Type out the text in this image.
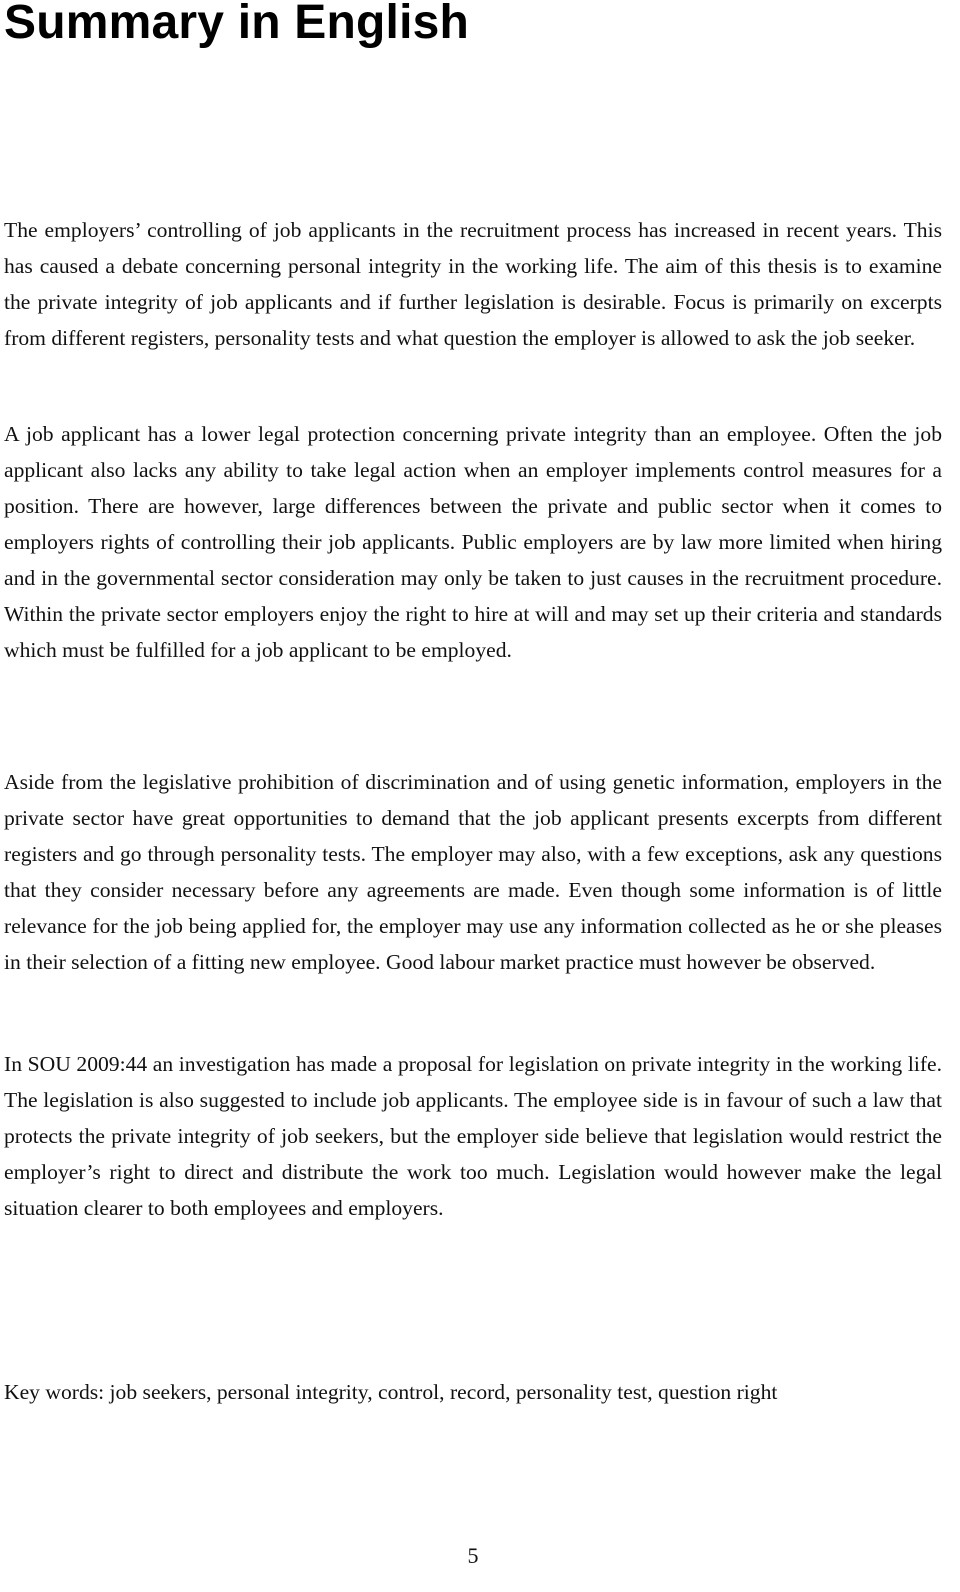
Summary in English

The employers’ controlling of job applicants in the recruitment process has increased in recent years. This has caused a debate concerning personal integrity in the working life. The aim of this thesis is to examine the private integrity of job applicants and if further legislation is desirable. Focus is primarily on excerpts from different registers, personality tests and what question the employer is allowed to ask the job seeker.

A job applicant has a lower legal protection concerning private integrity than an employee. Often the job applicant also lacks any ability to take legal action when an employer implements control measures for a position. There are however, large differences between the private and public sector when it comes to employers rights of controlling their job applicants. Public employers are by law more limited when hiring and in the governmental sector consideration may only be taken to just causes in the recruitment procedure. Within the private sector employers enjoy the right to hire at will and may set up their criteria and standards which must be fulfilled for a job applicant to be employed.

Aside from the legislative prohibition of discrimination and of using genetic information, employers in the private sector have great opportunities to demand that the job applicant presents excerpts from different registers and go through personality tests. The employer may also, with a few exceptions, ask any questions that they consider necessary before any agreements are made. Even though some information is of little relevance for the job being applied for, the employer may use any information collected as he or she pleases in their selection of a fitting new employee. Good labour market practice must however be observed.

In SOU 2009:44 an investigation has made a proposal for legislation on private integrity in the working life. The legislation is also suggested to include job applicants. The employee side is in favour of such a law that protects the private integrity of job seekers, but the employer side believe that legislation would restrict the employer’s right to direct and distribute the work too much. Legislation would however make the legal situation clearer to both employees and employers.

Key words: job seekers, personal integrity, control, record, personality test, question right

5
